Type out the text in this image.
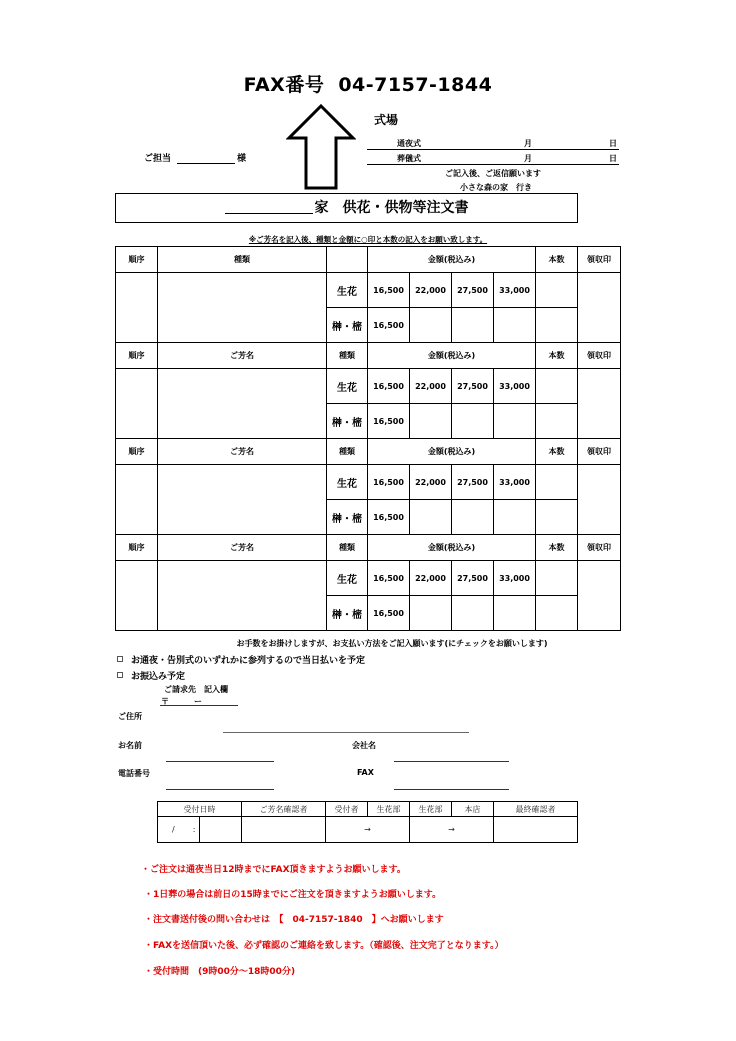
FAX番号 04-7157-1844
ご担当	様
式場
通夜式	月	日
葬儀式	月	日
ご記入後、ご返信願います
小さな森の家　行き
家　供花・供物等注文書
※ご芳名を記入後、種類と金額に○印と本数の記入をお願い致します。
順序	種類		金額(税込み)				本数	領収印
		生花	16,500	22,000	27,500	33,000		
		榊・樒	16,500					
順序	ご芳名	種類	金額(税込み)				本数	領収印
		生花	16,500	22,000	27,500	33,000		
		榊・樒	16,500					
順序	ご芳名	種類	金額(税込み)				本数	領収印
		生花	16,500	22,000	27,500	33,000		
		榊・樒	16,500					
順序	ご芳名	種類	金額(税込み)				本数	領収印
		生花	16,500	22,000	27,500	33,000		
		榊・樒	16,500					
お手数をお掛けしますが、お支払い方法をご記入願います(にチェックをお願いします)
お通夜・告別式のいずれかに参列するので当日払いを予定
お振込み予定
ご請求先　記入欄
〒	ー
ご住所
お名前	会社名
電話番号	FAX
受付日時		ご芳名確認者	受付者	生花部	生花部	本店	最終確認者
/ :			→		→		
・ご注文は通夜当日12時までにFAX頂きますようお願いします。
・1日葬の場合は前日の15時までにご注文を頂きますようお願いします。
・注文書送付後の問い合わせは　【　04-7157-1840　】へお願いします
・FAXを送信頂いた後、必ず確認のご連絡を致します。（確認後、注文完了となります。）
・受付時間　(9時00分～18時00分)
